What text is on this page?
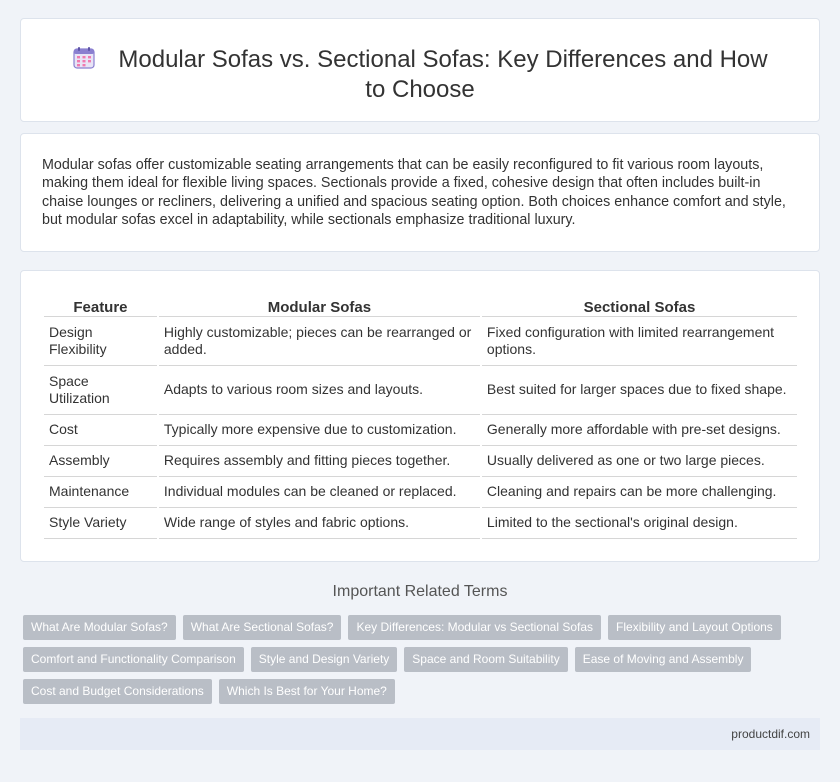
Modular Sofas vs. Sectional Sofas: Key Differences and How to Choose

Modular sofas offer customizable seating arrangements that can be easily reconfigured to fit various room layouts, making them ideal for flexible living spaces. Sectionals provide a fixed, cohesive design that often includes built-in chaise lounges or recliners, delivering a unified and spacious seating option. Both choices enhance comfort and style, but modular sofas excel in adaptability, while sectionals emphasize traditional luxury.

Feature	Modular Sofas	Sectional Sofas
Design Flexibility	Highly customizable; pieces can be rearranged or added.	Fixed configuration with limited rearrangement options.
Space Utilization	Adapts to various room sizes and layouts.	Best suited for larger spaces due to fixed shape.
Cost	Typically more expensive due to customization.	Generally more affordable with pre-set designs.
Assembly	Requires assembly and fitting pieces together.	Usually delivered as one or two large pieces.
Maintenance	Individual modules can be cleaned or replaced.	Cleaning and repairs can be more challenging.
Style Variety	Wide range of styles and fabric options.	Limited to the sectional's original design.
Important Related Terms
What Are Modular Sofas? What Are Sectional Sofas? Key Differences: Modular vs Sectional Sofas Flexibility and Layout Options
Comfort and Functionality Comparison Style and Design Variety Space and Room Suitability Ease of Moving and Assembly
Cost and Budget Considerations Which Is Best for Your Home?
productdif.com
